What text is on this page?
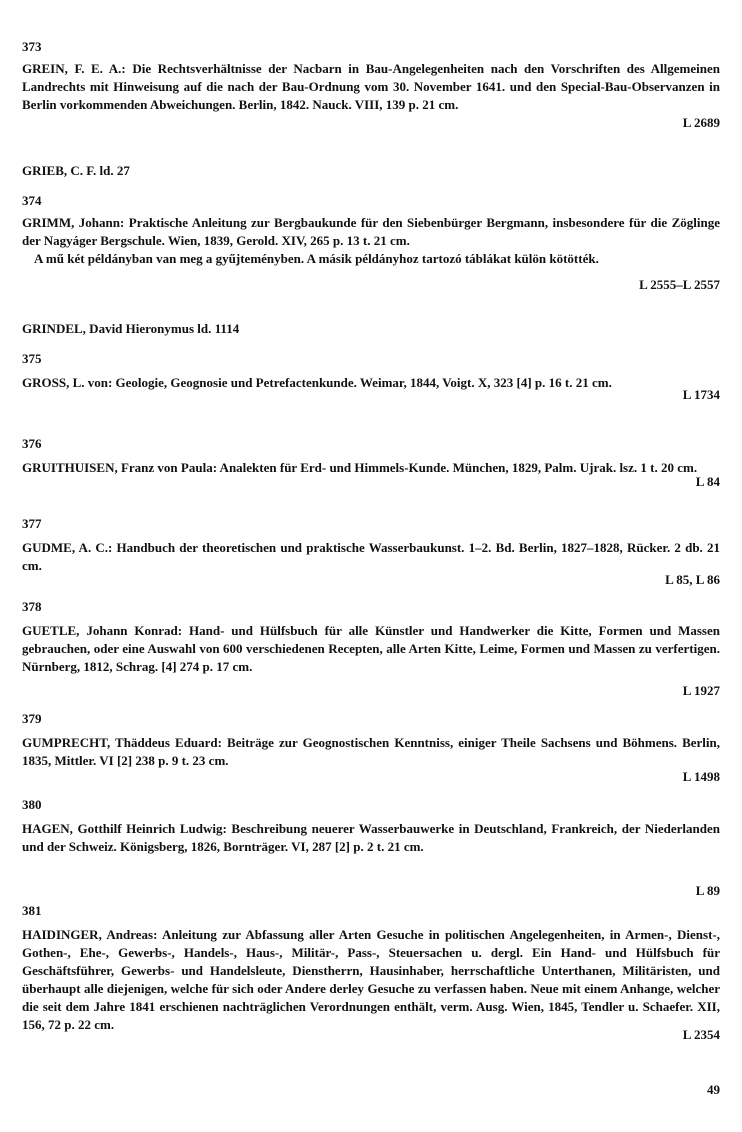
373
GREIN, F. E. A.: Die Rechtsverhältnisse der Nacbarn in Bau-Angelegenheiten nach den Vorschriften des Allgemeinen Landrechts mit Hinweisung auf die nach der Bau-Ordnung vom 30. November 1641. und den Special-Bau-Observanzen in Berlin vorkommenden Abweichungen. Berlin, 1842. Nauck. VIII, 139 p. 21 cm.
L 2689
GRIEB, C. F. ld. 27
374
GRIMM, Johann: Praktische Anleitung zur Bergbaukunde für den Siebenbürger Bergmann, insbesondere für die Zöglinge der Nagyáger Bergschule. Wien, 1839, Gerold. XIV, 265 p. 13 t. 21 cm.
A mű két példányban van meg a gyűjteményben. A másik példányhoz tartozó táblákat külön kötötték.
L 2555–L 2557
GRINDEL, David Hieronymus ld. 1114
375
GROSS, L. von: Geologie, Geognosie und Petrefactenkunde. Weimar, 1844, Voigt. X, 323 [4] p. 16 t. 21 cm.
L 1734
376
GRUITHUISEN, Franz von Paula: Analekten für Erd- und Himmels-Kunde. München, 1829, Palm. Ujrak. lsz. 1 t. 20 cm.
L 84
377
GUDME, A. C.: Handbuch der theoretischen und praktische Wasserbaukunst. 1–2. Bd. Berlin, 1827–1828, Rücker. 2 db. 21 cm.
L 85, L 86
378
GUETLE, Johann Konrad: Hand- und Hülfsbuch für alle Künstler und Handwerker die Kitte, Formen und Massen gebrauchen, oder eine Auswahl von 600 verschiedenen Recepten, alle Arten Kitte, Leime, Formen und Massen zu verfertigen. Nürnberg, 1812, Schrag. [4] 274 p. 17 cm.
L 1927
379
GUMPRECHT, Thäddeus Eduard: Beiträge zur Geognostischen Kenntniss, einiger Theile Sachsens und Böhmens. Berlin, 1835, Mittler. VI [2] 238 p. 9 t. 23 cm.
L 1498
380
HAGEN, Gotthilf Heinrich Ludwig: Beschreibung neuerer Wasserbauwerke in Deutschland, Frankreich, der Niederlanden und der Schweiz. Königsberg, 1826, Bornträger. VI, 287 [2] p. 2 t. 21 cm.
L 89
381
HAIDINGER, Andreas: Anleitung zur Abfassung aller Arten Gesuche in politischen Angelegenheiten, in Armen-, Dienst-, Gothen-, Ehe-, Gewerbs-, Handels-, Haus-, Militär-, Pass-, Steuersachen u. dergl. Ein Hand- und Hülfsbuch für Geschäftsführer, Gewerbs- und Handelsleute, Dienstherrn, Hausinhaber, herrschaftliche Unterthanen, Militäristen, und überhaupt alle diejenigen, welche für sich oder Andere derley Gesuche zu verfassen haben. Neue mit einem Anhange, welcher die seit dem Jahre 1841 erschienen nachträglichen Verordnungen enthält, verm. Ausg. Wien, 1845, Tendler u. Schaefer. XII, 156, 72 p. 22 cm.
L 2354
49
